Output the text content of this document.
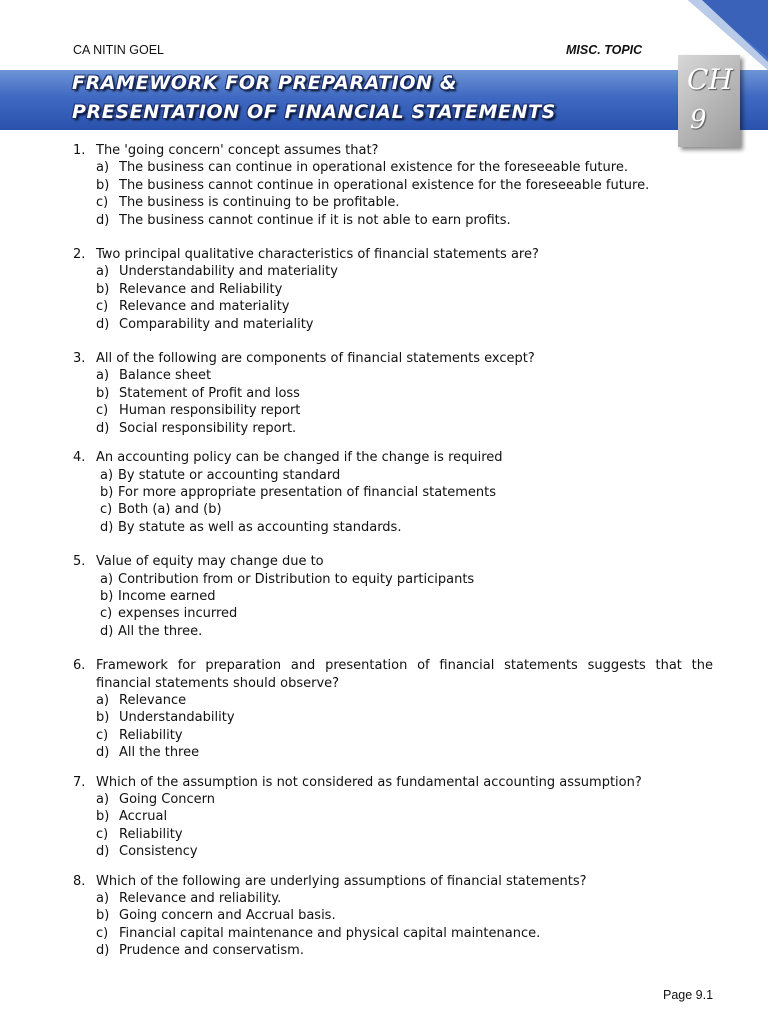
CA NITIN GOEL	MISC. TOPIC
FRAMEWORK FOR PREPARATION &
PRESENTATION OF FINANCIAL STATEMENTS
CH
9
1. The 'going concern' concept assumes that?
a) The business can continue in operational existence for the foreseeable future.
b) The business cannot continue in operational existence for the foreseeable future.
c) The business is continuing to be profitable.
d) The business cannot continue if it is not able to earn profits.
2. Two principal qualitative characteristics of financial statements are?
a) Understandability and materiality
b) Relevance and Reliability
c) Relevance and materiality
d) Comparability and materiality
3. All of the following are components of financial statements except?
a) Balance sheet
b) Statement of Profit and loss
c) Human responsibility report
d) Social responsibility report.
4. An accounting policy can be changed if the change is required
a) By statute or accounting standard
b) For more appropriate presentation of financial statements
c) Both (a) and (b)
d) By statute as well as accounting standards.
5. Value of equity may change due to
a) Contribution from or Distribution to equity participants
b) Income earned
c) expenses incurred
d) All the three.
6. Framework for preparation and presentation of financial statements suggests that the financial statements should observe?
a) Relevance
b) Understandability
c) Reliability
d) All the three
7. Which of the assumption is not considered as fundamental accounting assumption?
a) Going Concern
b) Accrual
c) Reliability
d) Consistency
8. Which of the following are underlying assumptions of financial statements?
a) Relevance and reliability.
b) Going concern and Accrual basis.
c) Financial capital maintenance and physical capital maintenance.
d) Prudence and conservatism.
Page 9.1
